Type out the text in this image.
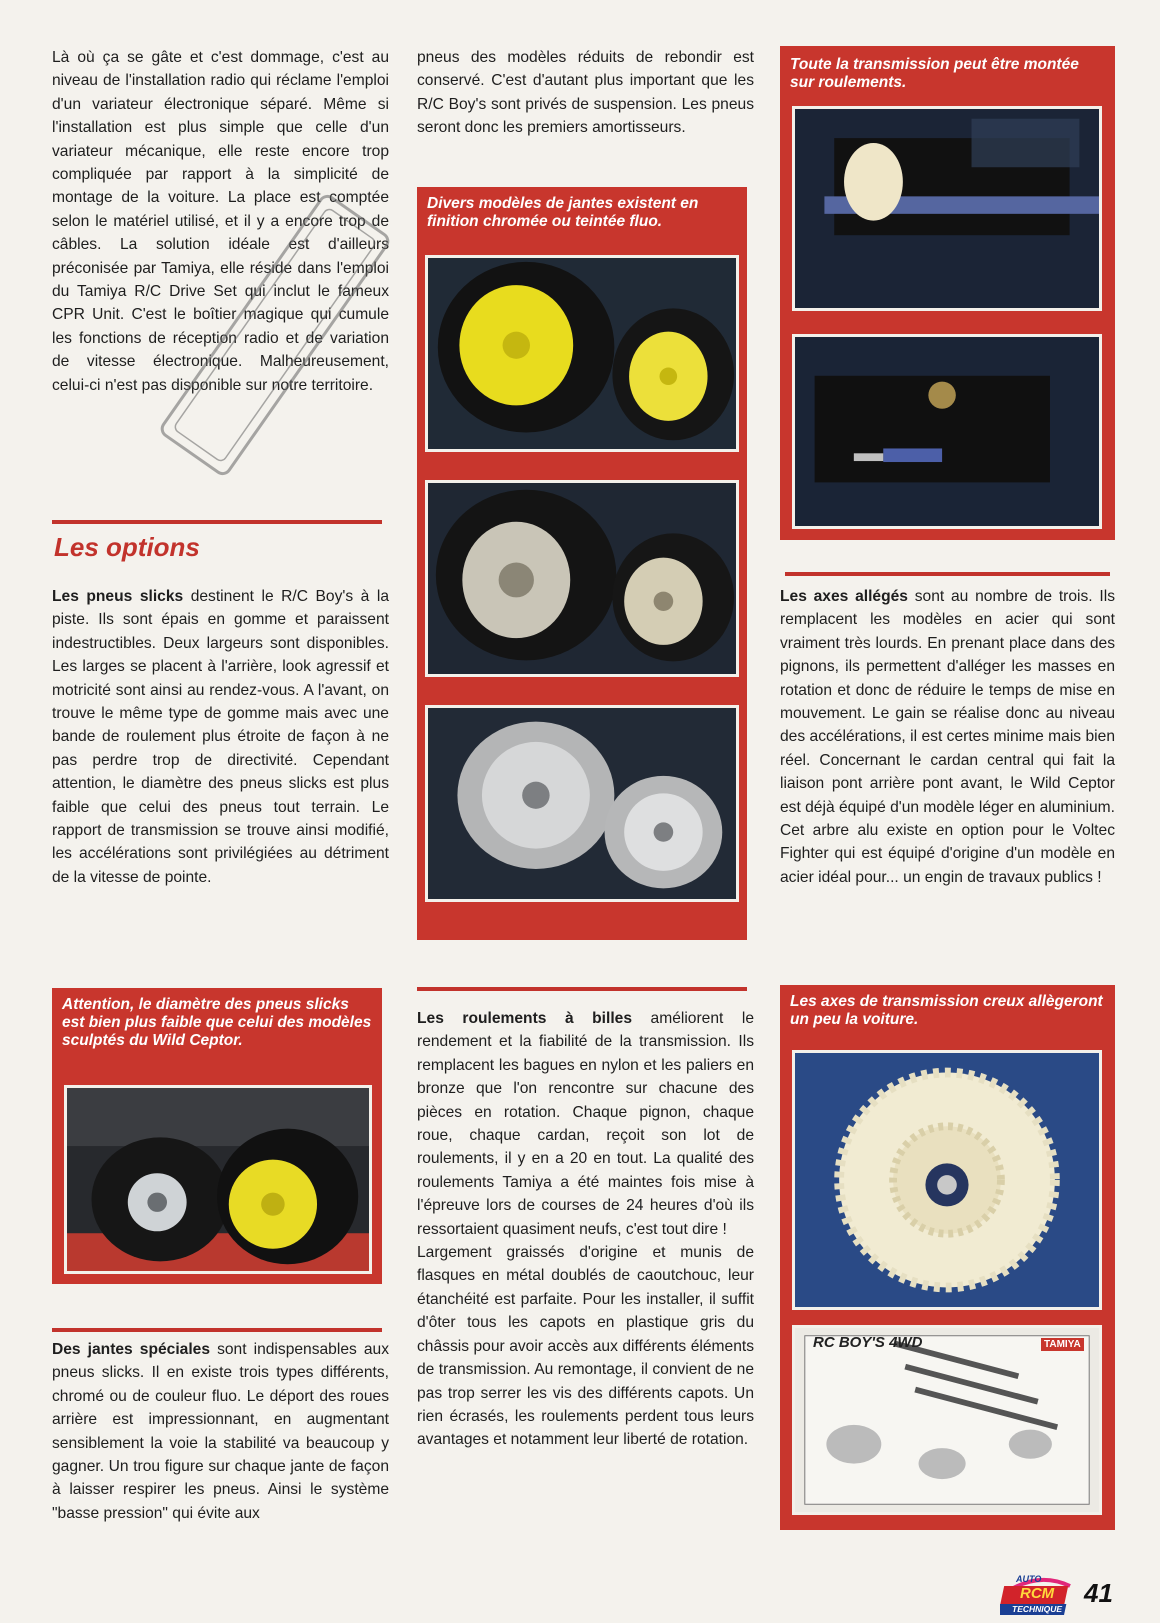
Là où ça se gâte et c'est dommage, c'est au niveau de l'installation radio qui réclame l'emploi d'un variateur électronique séparé. Même si l'installation est plus simple que celle d'un variateur mécanique, elle reste encore trop compliquée par rapport à la simplicité de montage de la voiture. La place est comptée selon le matériel utilisé, et il y a encore trop de câbles. La solution idéale est d'ailleurs préconisée par Tamiya, elle réside dans l'emploi du Tamiya R/C Drive Set qui inclut le fameux CPR Unit. C'est le boîtier magique qui cumule les fonctions de réception radio et de variation de vitesse électronique. Malheureusement, celui-ci n'est pas disponible sur notre territoire.

Les options

Les pneus slicks destinent le R/C Boy's à la piste. Ils sont épais en gomme et paraissent indestructibles. Deux largeurs sont disponibles. Les larges se placent à l'arrière, look agressif et motricité sont ainsi au rendez-vous. A l'avant, on trouve le même type de gomme mais avec une bande de roulement plus étroite de façon à ne pas perdre trop de directivité. Cependant attention, le diamètre des pneus slicks est plus faible que celui des pneus tout terrain. Le rapport de transmission se trouve ainsi modifié, les accélérations sont privilégiées au détriment de la vitesse de pointe.

Attention, le diamètre des pneus slicks est bien plus faible que celui des modèles sculptés du Wild Ceptor.

Des jantes spéciales sont indispensables aux pneus slicks. Il en existe trois types différents, chromé ou de couleur fluo. Le déport des roues arrière est impressionnant, en augmentant sensiblement la voie la stabilité va beaucoup y gagner. Un trou figure sur chaque jante de façon à laisser respirer les pneus. Ainsi le système "basse pression" qui évite aux

pneus des modèles réduits de rebondir est conservé. C'est d'autant plus important que les R/C Boy's sont privés de suspension. Les pneus seront donc les premiers amortisseurs.

Divers modèles de jantes existent en finition chromée ou teintée fluo.

Les roulements à billes améliorent le rendement et la fiabilité de la transmission. Ils remplacent les bagues en nylon et les paliers en bronze que l'on rencontre sur chacune des pièces en rotation. Chaque pignon, chaque roue, chaque cardan, reçoit son lot de roulements, il y en a 20 en tout. La qualité des roulements Tamiya a été maintes fois mise à l'épreuve lors de courses de 24 heures d'où ils ressortaient quasiment neufs, c'est tout dire !

Largement graissés d'origine et munis de flasques en métal doublés de caoutchouc, leur étanchéité est parfaite. Pour les installer, il suffit d'ôter tous les capots en plastique gris du châssis pour avoir accès aux différents éléments de transmission. Au remontage, il convient de ne pas trop serrer les vis des différents capots. Un rien écrasés, les roulements perdent tous leurs avantages et notamment leur liberté de rotation.

Toute la transmission peut être montée sur roulements.

Les axes allégés sont au nombre de trois. Ils remplacent les modèles en acier qui sont vraiment très lourds. En prenant place dans des pignons, ils permettent d'alléger les masses en rotation et donc de réduire le temps de mise en mouvement. Le gain se réalise donc au niveau des accélérations, il est certes minime mais bien réel. Concernant le cardan central qui fait la liaison pont arrière pont avant, le Wild Ceptor est déjà équipé d'un modèle léger en aluminium. Cet arbre alu existe en option pour le Voltec Fighter qui est équipé d'origine d'un modèle en acier idéal pour... un engin de travaux publics !

Les axes de transmission creux allègeront un peu la voiture.
RC BOY'S 4WD	TAMIYA
AUTO
RCM
TECHNIQUE
41
